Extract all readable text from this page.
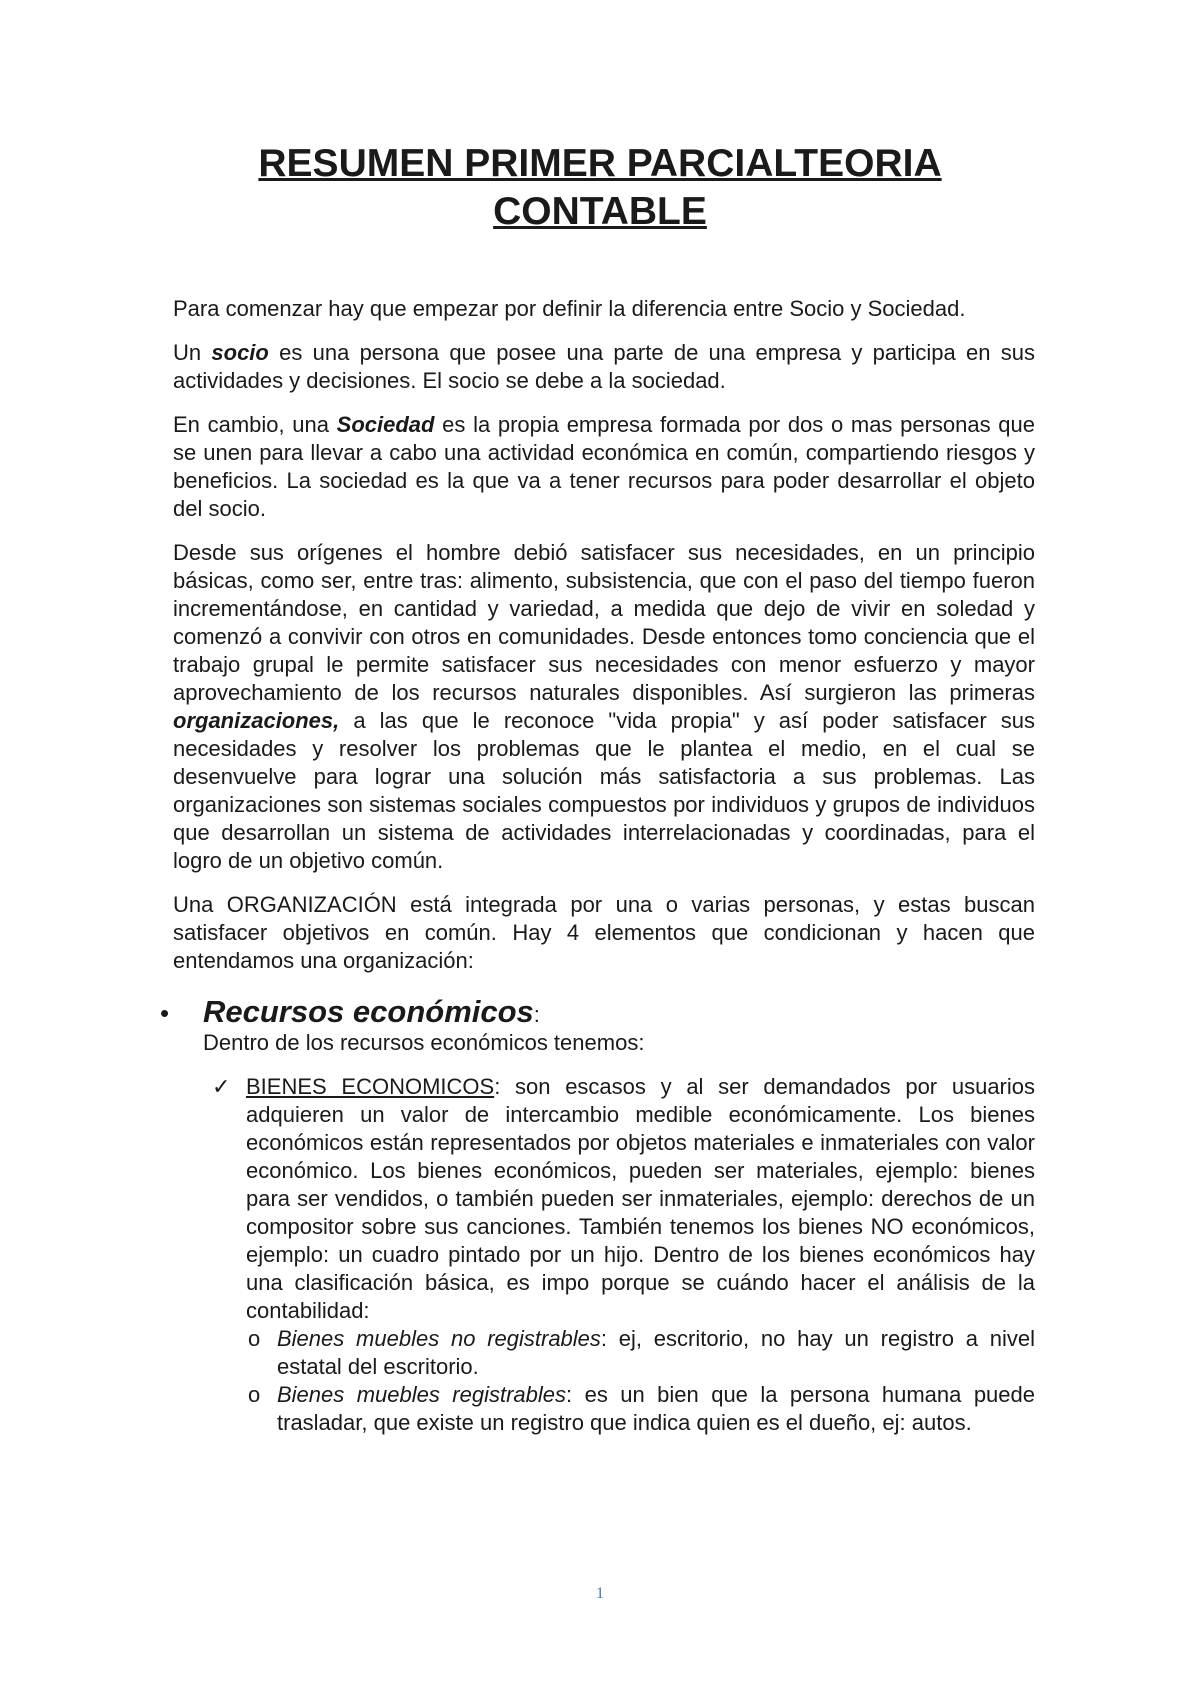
RESUMEN PRIMER PARCIALTEORIA CONTABLE

Para comenzar hay que empezar por definir la diferencia entre Socio y Sociedad.

Un socio es una persona que posee una parte de una empresa y participa en sus actividades y decisiones. El socio se debe a la sociedad.

En cambio, una Sociedad es la propia empresa formada por dos o mas personas que se unen para llevar a cabo una actividad económica en común, compartiendo riesgos y beneficios. La sociedad es la que va a tener recursos para poder desarrollar el objeto del socio.

Desde sus orígenes el hombre debió satisfacer sus necesidades, en un principio básicas, como ser, entre tras: alimento, subsistencia, que con el paso del tiempo fueron incrementándose, en cantidad y variedad, a medida que dejo de vivir en soledad y comenzó a convivir con otros en comunidades. Desde entonces tomo conciencia que el trabajo grupal le permite satisfacer sus necesidades con menor esfuerzo y mayor aprovechamiento de los recursos naturales disponibles. Así surgieron las primeras organizaciones, a las que le reconoce "vida propia" y así poder satisfacer sus necesidades y resolver los problemas que le plantea el medio, en el cual se desenvuelve para lograr una solución más satisfactoria a sus problemas. Las organizaciones son sistemas sociales compuestos por individuos y grupos de individuos que desarrollan un sistema de actividades interrelacionadas y coordinadas, para el logro de un objetivo común.

Una ORGANIZACIÓN está integrada por una o varias personas, y estas buscan satisfacer objetivos en común. Hay 4 elementos que condicionan y hacen que entendamos una organización:

• Recursos económicos:

Dentro de los recursos económicos tenemos:

✓ BIENES ECONOMICOS: son escasos y al ser demandados por usuarios adquieren un valor de intercambio medible económicamente. Los bienes económicos están representados por objetos materiales e inmateriales con valor económico. Los bienes económicos, pueden ser materiales, ejemplo: bienes para ser vendidos, o también pueden ser inmateriales, ejemplo: derechos de un compositor sobre sus canciones. También tenemos los bienes NO económicos, ejemplo: un cuadro pintado por un hijo. Dentro de los bienes económicos hay una clasificación básica, es impo porque se cuándo hacer el análisis de la contabilidad:
o Bienes muebles no registrables: ej, escritorio, no hay un registro a nivel estatal del escritorio.
o Bienes muebles registrables: es un bien que la persona humana puede trasladar, que existe un registro que indica quien es el dueño, ej: autos.
1
